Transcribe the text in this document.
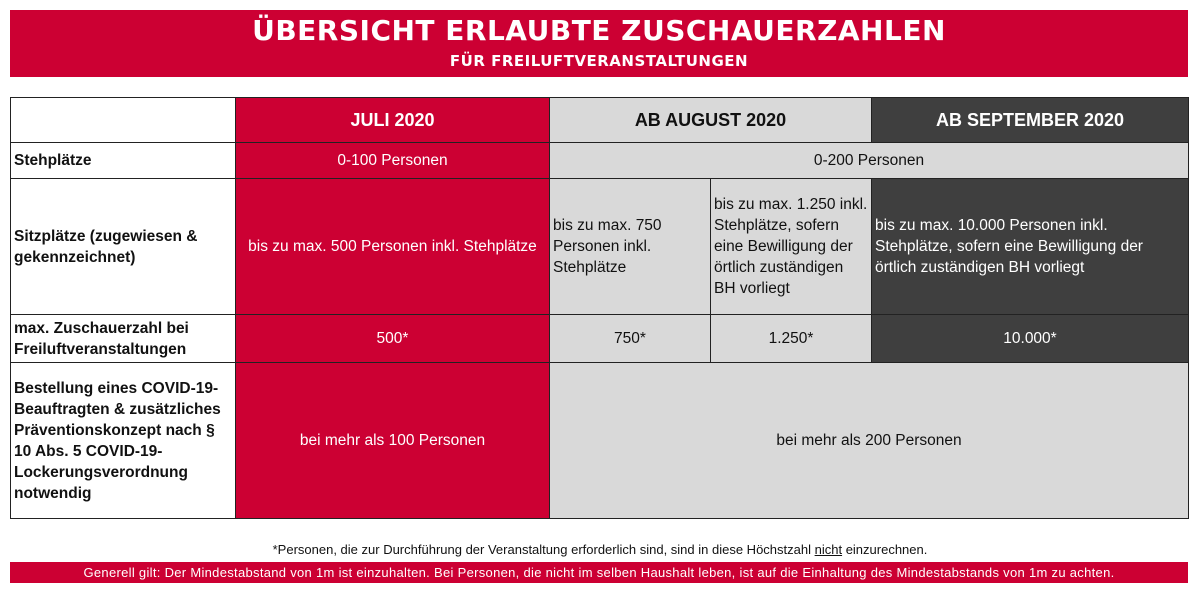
ÜBERSICHT ERLAUBTE ZUSCHAUERZAHLEN
FÜR FREILUFTVERANSTALTUNGEN
	JULI 2020	AB AUGUST 2020		AB SEPTEMBER 2020
Stehplätze	0-100 Personen	0-200 Personen		
Sitzplätze (zugewiesen & gekennzeichnet)	bis zu max. 500 Personen inkl. Stehplätze	bis zu max. 750 Personen inkl. Stehplätze	bis zu max. 1.250 inkl. Stehplätze, sofern eine Bewilligung der örtlich zuständigen BH vorliegt	bis zu max. 10.000 Personen inkl. Stehplätze, sofern eine Bewilligung der örtlich zuständigen BH vorliegt
max. Zuschauerzahl bei Freiluftveranstaltungen	500*	750*	1.250*	10.000*
Bestellung eines COVID-19-Beauftragten & zusätzliches Präventionskonzept nach § 10 Abs. 5 COVID-19-Lockerungsverordnung notwendig	bei mehr als 100 Personen	bei mehr als 200 Personen		
*Personen, die zur Durchführung der Veranstaltung erforderlich sind, sind in diese Höchstzahl nicht einzurechnen.
Generell gilt: Der Mindestabstand von 1m ist einzuhalten. Bei Personen, die nicht im selben Haushalt leben, ist auf die Einhaltung des Mindestabstands von 1m zu achten.
